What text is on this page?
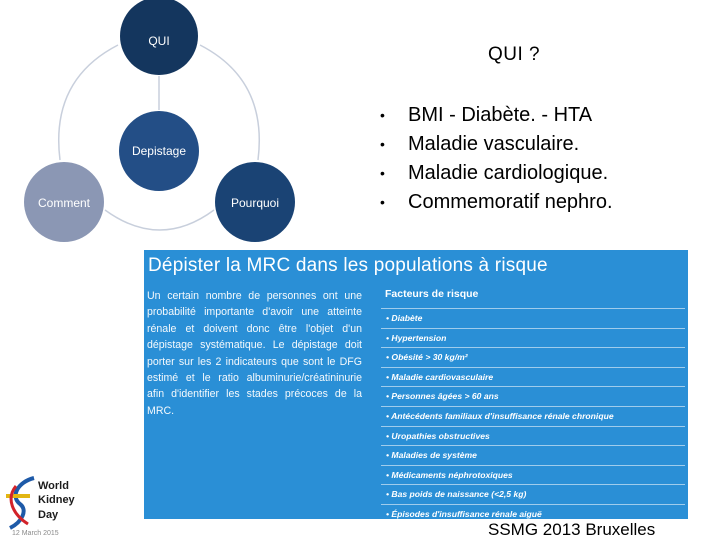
QUI
Depistage
Comment	Pourquoi
QUI ?
•	BMI - Diabète. - HTA
•	Maladie vasculaire.
•	Maladie cardiologique.
•	Commemoratif nephro.
Dépister la MRC dans les populations à risque
Un certain nombre de personnes ont une probabilité importante d'avoir une atteinte rénale et doivent donc être l'objet d'un dépistage systématique. Le dépistage doit porter sur les 2 indicateurs que sont le DFG estimé et le ratio albuminurie/créatininurie afin d'identifier les stades précoces de la MRC.
Facteurs de risque
• Diabète
• Hypertension
• Obésité > 30 kg/m²
• Maladie cardiovasculaire
• Personnes âgées > 60 ans
• Antécédents familiaux d'insuffisance rénale chronique
• Uropathies obstructives
• Maladies de système
• Médicaments néphrotoxiques
• Bas poids de naissance (<2,5 kg)
• Épisodes d'insuffisance rénale aiguë
World
Kidney
Day
12 March 2015	SSMG 2013 Bruxelles
